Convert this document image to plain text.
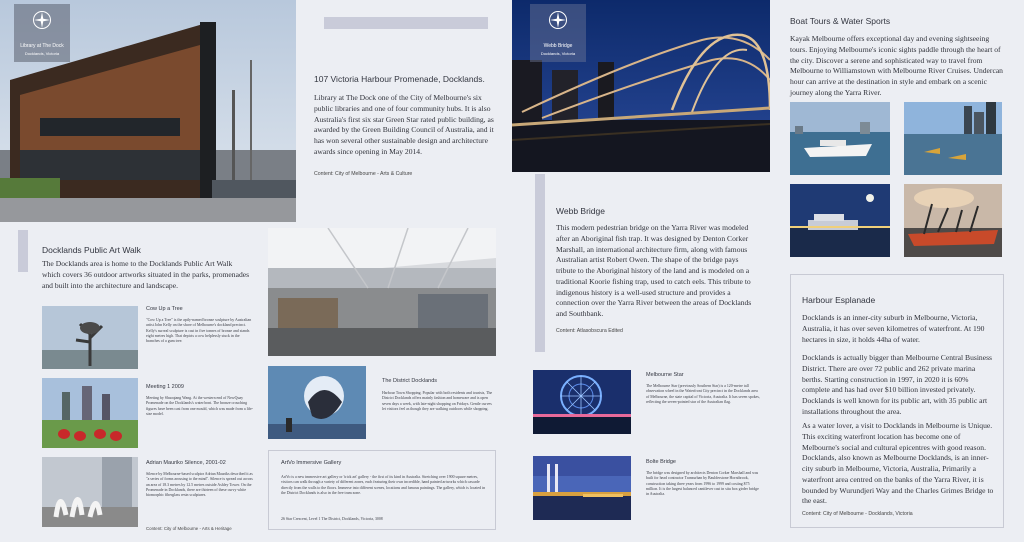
Library at The Dock
Docklands, Victoria
107 Victoria Harbour Promenade, Docklands.
Library at The Dock one of the City of Melbourne's six public libraries and one of four community hubs. It is also Australia's first six star Green Star rated public building, as awarded by the Green Building Council of Australia, and it has won several other sustainable design and architecture awards since opening in May 2014.
Content: City of Melbourne - Arts & Culture
Webb Bridge
Docklands, Victoria
Webb Bridge
This modern pedestrian bridge on the Yarra River was modeled after an Aboriginal fish trap. It was designed by Denton Corker Marshall, an international architecture firm, along with famous Australian artist Robert Owen. The shape of the bridge pays tribute to the Aboriginal history of the land and is modeled on a traditional Koorie fishing trap, used to catch eels. This tribute to indigenous history is a well-used structure and provides a connection over the Yarra River between the areas of Docklands and Southbank.
Content: Atlasobscura Edited
Boat Tours & Water Sports
Kayak Melbourne offers exceptional day and evening sightseeing tours. Enjoying Melbourne's iconic sights paddle through the heart of the city. Discover a serene and sophisticated way to travel from Melbourne to Williamstown with Melbourne River Cruises. Undercan hour can arrive at the destination in style and embark on a scenic journey along the Yarra River.
Docklands Public Art Walk
The Docklands area is home to the Docklands Public Art Walk which covers 36 outdoor artworks situated in the parks, promenades and built into the architecture and landscape.
Cow Up a Tree
"Cow Up a Tree" is the aptly-named bronze sculpture by Australian artist John Kelly on the shore of Melbourne's dockland precinct. Kelly's surreal sculpture is cast in five tonnes of bronze and stands eight metres high. That depicts a cow helplessly stuck in the branches of a gum tree.
Meeting 1 2009
Meeting by Shaoqiang Wang. At the western end of NewQuay Promenade on the Docklands's waterfront. The bronze crouching figures have been cast from one mould, which was made from a life-size model.
Adrian Mauriko Silence, 2001-02
Silence by Melbourne-based sculptor Adrian Mauriks described it as "a series of forms arousing to the mind". Silence is spread out across an area of 18.3 metres by 12.5 metres outside Ashley Tower. On the Promenade in Docklands, there are thirteen of these curvy white biomorphic fiberglass resin sculptures.
Content: City of Melbourne - Arts & Heritage
The District Docklands
Harbour Town Shopping. Popular with both residents and tourists, The District Docklands offers mainly fashion and homeware and is open seven days a week, with late-night shopping on Fridays. Gentle curves let visitors feel as though they are walking outdoors while shopping.
ArtVo Immersive Gallery
ArtVo is a new immersive art gallery or 'trick art' gallery - the first of its kind in Australia. Stretching over 1900 square metres, visitors can walk through a variety of different zones, each featuring their own incredible, hand painted artworks which cascade directly from the walls to the floors. Immerse into different scenes, locations and famous paintings. The gallery, which is located in the District Docklands is also in the free tram zone.
26 Star Crescent, Level 1 The District, Docklands, Victoria, 3008
Melbourne Star
The Melbourne Star (previously Southern Star) is a 120-metre tall observation wheel in the Waterfront City precinct in the Docklands area of Melbourne, the state capital of Victoria, Australia. It has seven spokes, reflecting the seven-pointed star of the Australian flag.
Bolte Bridge
The bridge was designed by architects Denton Corker Marshall and was built for head contractor Transurban by Baulderstone Hornibrook, construction taking three years from 1996 to 1999 and costing $75 million. It is the largest balanced cantilever cast in situ box girder bridge in Australia.
Harbour Esplanade
Docklands is an inner-city suburb in Melbourne, Victoria, Australia, it has over seven kilometres of waterfront. At 190 hectares in size, it holds 44ha of water.
Docklands is actually bigger than Melbourne Central Business District. There are over 72 public and 262 private marina berths. Starting construction in 1997, in 2020 it is 60% complete and has had over $10 billion invested privately. Docklands is well known for its public art, with 35 public art installations throughout the area.
As a water lover, a visit to Docklands in Melbourne is Unique. This exciting waterfront location has become one of Melbourne's social and cultural epicentres with good reason. Docklands, also known as Melbourne Docklands, is an inner-city suburb in Melbourne, Victoria, Australia, Primarily a waterfront area centred on the banks of the Yarra River, it is bounded by Wurundjeri Way and the Charles Grimes Bridge to the east.
Content: City of Melbourne - Docklands, Victoria
